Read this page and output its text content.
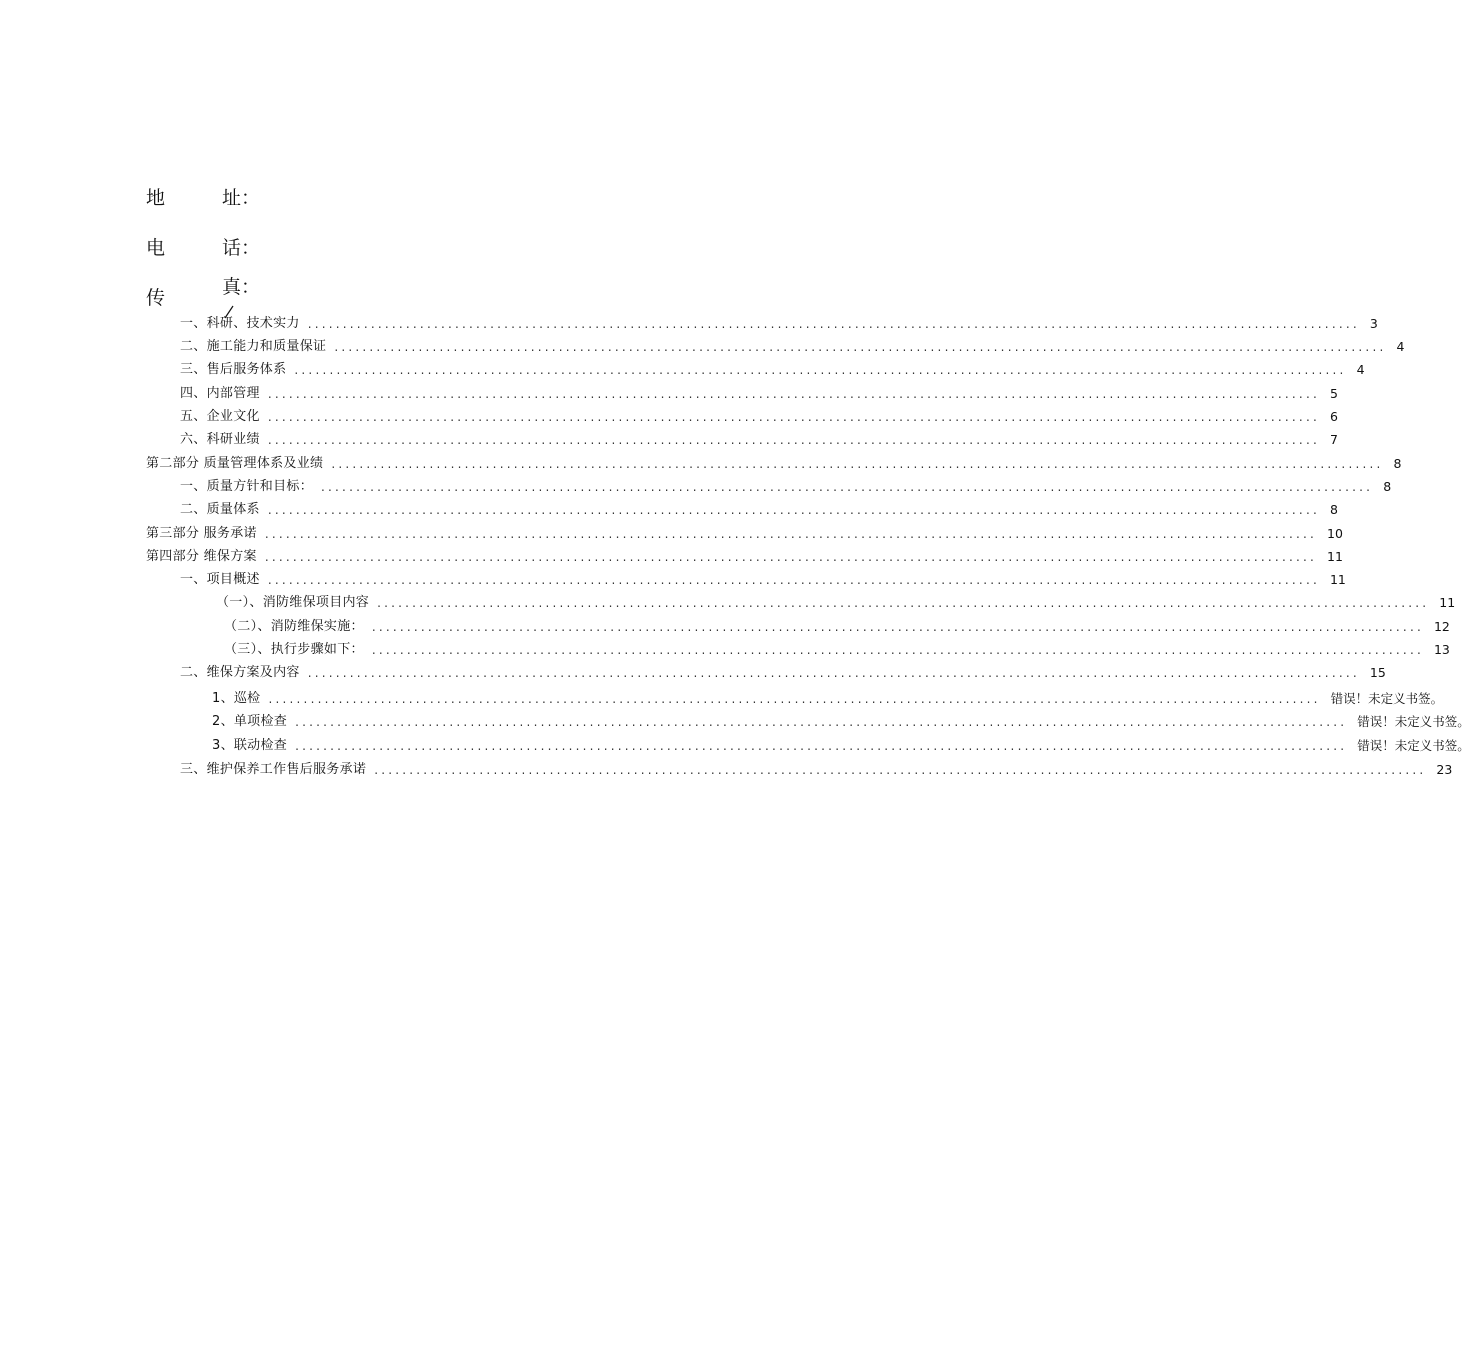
地	址：
电	话：
传	真：
一、科研、技术实力 ...................................................................................................................................................... 3
二、施工能力和质量保证 ...................................................................................................................................................... 4
三、售后服务体系 ...................................................................................................................................................... 4
四、内部管理 ...................................................................................................................................................... 5
五、企业文化 ...................................................................................................................................................... 6
六、科研业绩 ...................................................................................................................................................... 7
第二部分 质量管理体系及业绩 ...................................................................................................................................................... 8
一、质量方针和目标： ...................................................................................................................................................... 8
二、质量体系 ...................................................................................................................................................... 8
第三部分 服务承诺 ...................................................................................................................................................... 10
第四部分 维保方案 ...................................................................................................................................................... 11
一、项目概述 ...................................................................................................................................................... 11
（一）、消防维保项目内容 ...................................................................................................................................................... 11
（二）、消防维保实施： ...................................................................................................................................................... 12
（三）、执行步骤如下： ...................................................................................................................................................... 13
二、维保方案及内容 ...................................................................................................................................................... 15
1、巡检 ...................................................................................................................................................... 错误！未定义书签。
2、单项检查 ...................................................................................................................................................... 错误！未定义书签。
3、联动检查 ...................................................................................................................................................... 错误！未定义书签。
三、维护保养工作售后服务承诺 ...................................................................................................................................................... 23
